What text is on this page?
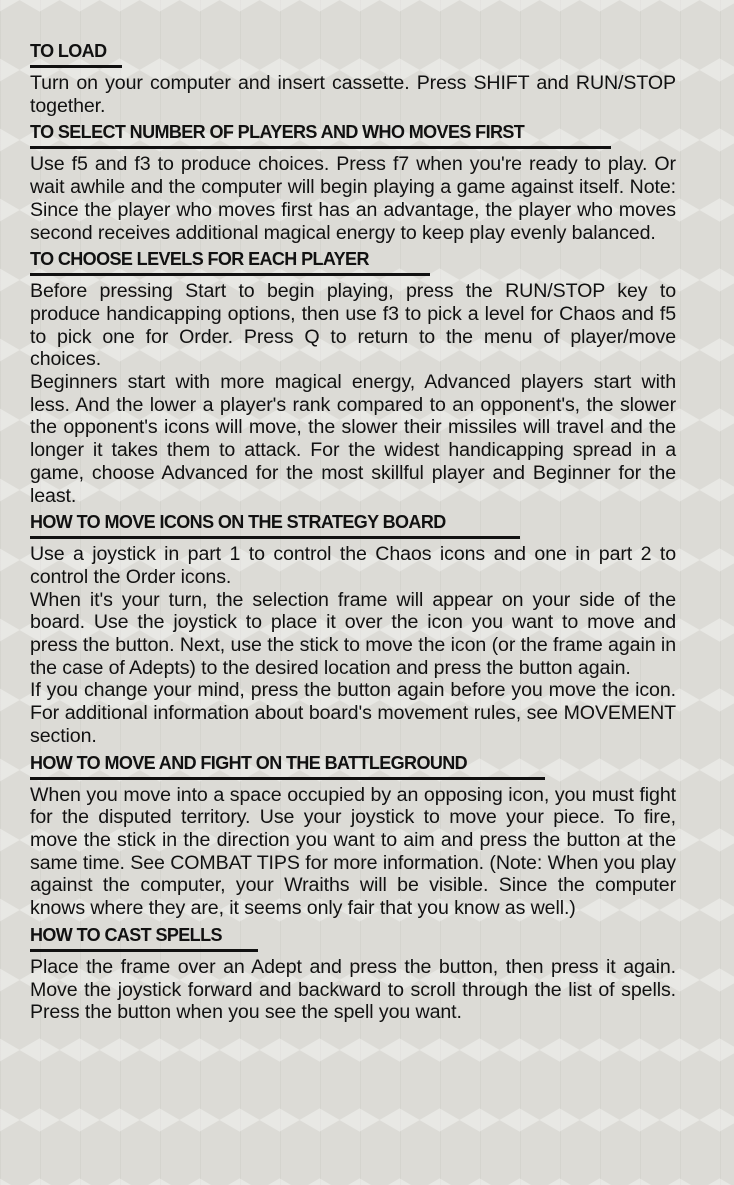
TO LOAD

Turn on your computer and insert cassette. Press SHIFT and RUN/STOP together.

TO SELECT NUMBER OF PLAYERS AND WHO MOVES FIRST

Use f5 and f3 to produce choices. Press f7 when you're ready to play. Or wait awhile and the computer will begin playing a game against itself. Note: Since the player who moves first has an advantage, the player who moves second receives additional magical energy to keep play evenly balanced.

TO CHOOSE LEVELS FOR EACH PLAYER

Before pressing Start to begin playing, press the RUN/STOP key to produce handicapping options, then use f3 to pick a level for Chaos and f5 to pick one for Order. Press Q to return to the menu of player/move choices.

Beginners start with more magical energy, Advanced players start with less. And the lower a player's rank compared to an opponent's, the slower the opponent's icons will move, the slower their missiles will travel and the longer it takes them to attack. For the widest handicapping spread in a game, choose Advanced for the most skillful player and Beginner for the least.

HOW TO MOVE ICONS ON THE STRATEGY BOARD

Use a joystick in part 1 to control the Chaos icons and one in part 2 to control the Order icons.

When it's your turn, the selection frame will appear on your side of the board. Use the joystick to place it over the icon you want to move and press the button. Next, use the stick to move the icon (or the frame again in the case of Adepts) to the desired location and press the button again.

If you change your mind, press the button again before you move the icon. For additional information about board's movement rules, see MOVEMENT section.

HOW TO MOVE AND FIGHT ON THE BATTLEGROUND

When you move into a space occupied by an opposing icon, you must fight for the disputed territory. Use your joystick to move your piece. To fire, move the stick in the direction you want to aim and press the button at the same time. See COMBAT TIPS for more information. (Note: When you play against the computer, your Wraiths will be visible. Since the computer knows where they are, it seems only fair that you know as well.)

HOW TO CAST SPELLS

Place the frame over an Adept and press the button, then press it again. Move the joystick forward and backward to scroll through the list of spells. Press the button when you see the spell you want.
